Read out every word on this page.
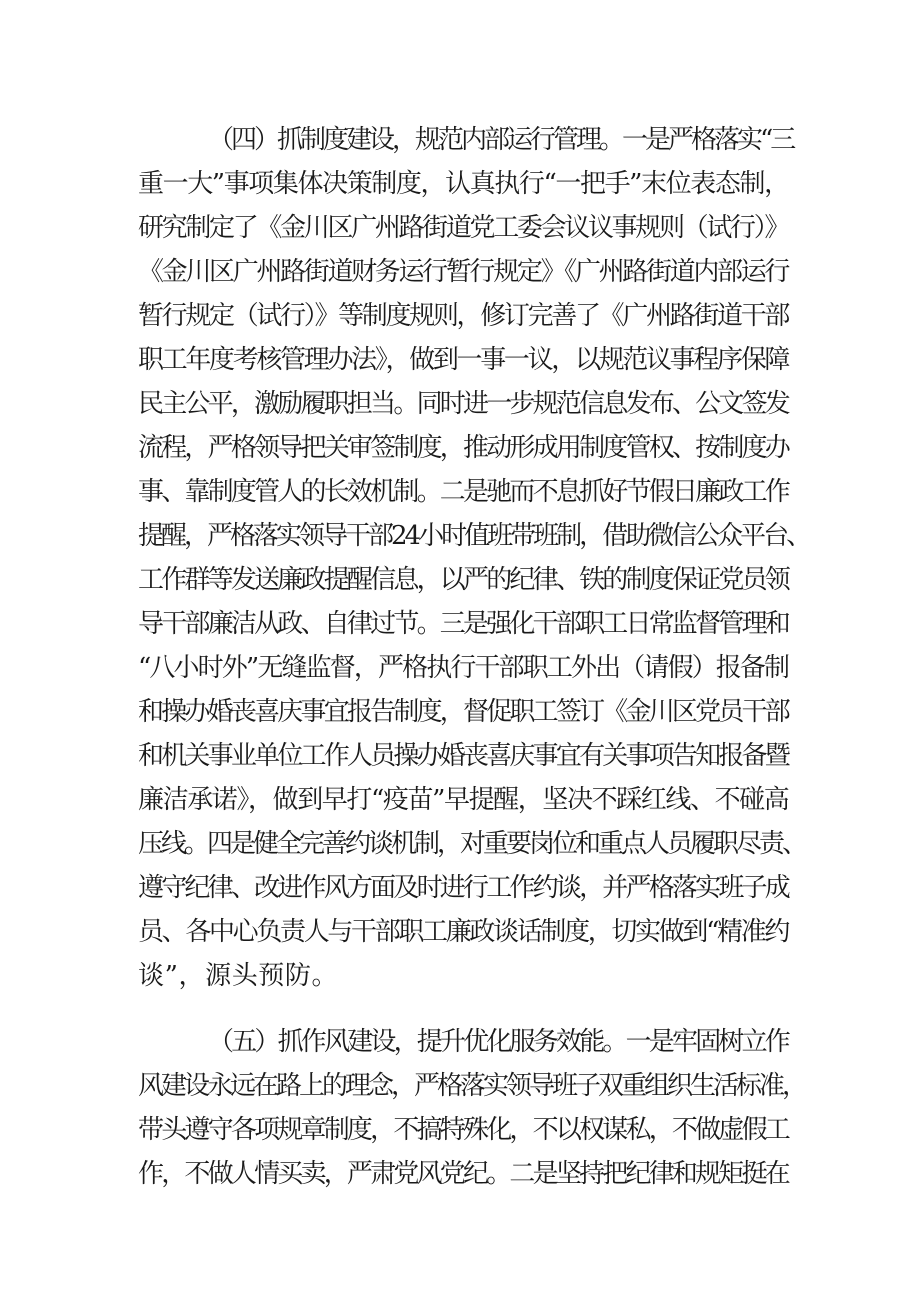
（四）抓制度建设，规范内部运行管理。一是严格落实“三
重一大”事项集体决策制度，认真执行“一把手”末位表态制，
研究制定了《金川区广州路街道党工委会议议事规则（试行）》
《金川区广州路街道财务运行暂行规定》《广州路街道内部运行
暂行规定（试行）》等制度规则，修订完善了《广州路街道干部
职工年度考核管理办法》，做到一事一议，以规范议事程序保障
民主公平，激励履职担当。同时进一步规范信息发布、公文签发
流程，严格领导把关审签制度，推动形成用制度管权、按制度办
事、靠制度管人的长效机制。二是驰而不息抓好节假日廉政工作
提醒，严格落实领导干部24小时值班带班制，借助微信公众平台、
工作群等发送廉政提醒信息，以严的纪律、铁的制度保证党员领
导干部廉洁从政、自律过节。三是强化干部职工日常监督管理和
“八小时外”无缝监督，严格执行干部职工外出（请假）报备制
和操办婚丧喜庆事宜报告制度，督促职工签订《金川区党员干部
和机关事业单位工作人员操办婚丧喜庆事宜有关事项告知报备暨
廉洁承诺》，做到早打“疫苗”早提醒，坚决不踩红线、不碰高
压线。四是健全完善约谈机制，对重要岗位和重点人员履职尽责、
遵守纪律、改进作风方面及时进行工作约谈，并严格落实班子成
员、各中心负责人与干部职工廉政谈话制度，切实做到“精准约
谈”，源头预防。
（五）抓作风建设，提升优化服务效能。一是牢固树立作
风建设永远在路上的理念，严格落实领导班子双重组织生活标准，
带头遵守各项规章制度，不搞特殊化，不以权谋私，不做虚假工
作，不做人情买卖，严肃党风党纪。二是坚持把纪律和规矩挺在
